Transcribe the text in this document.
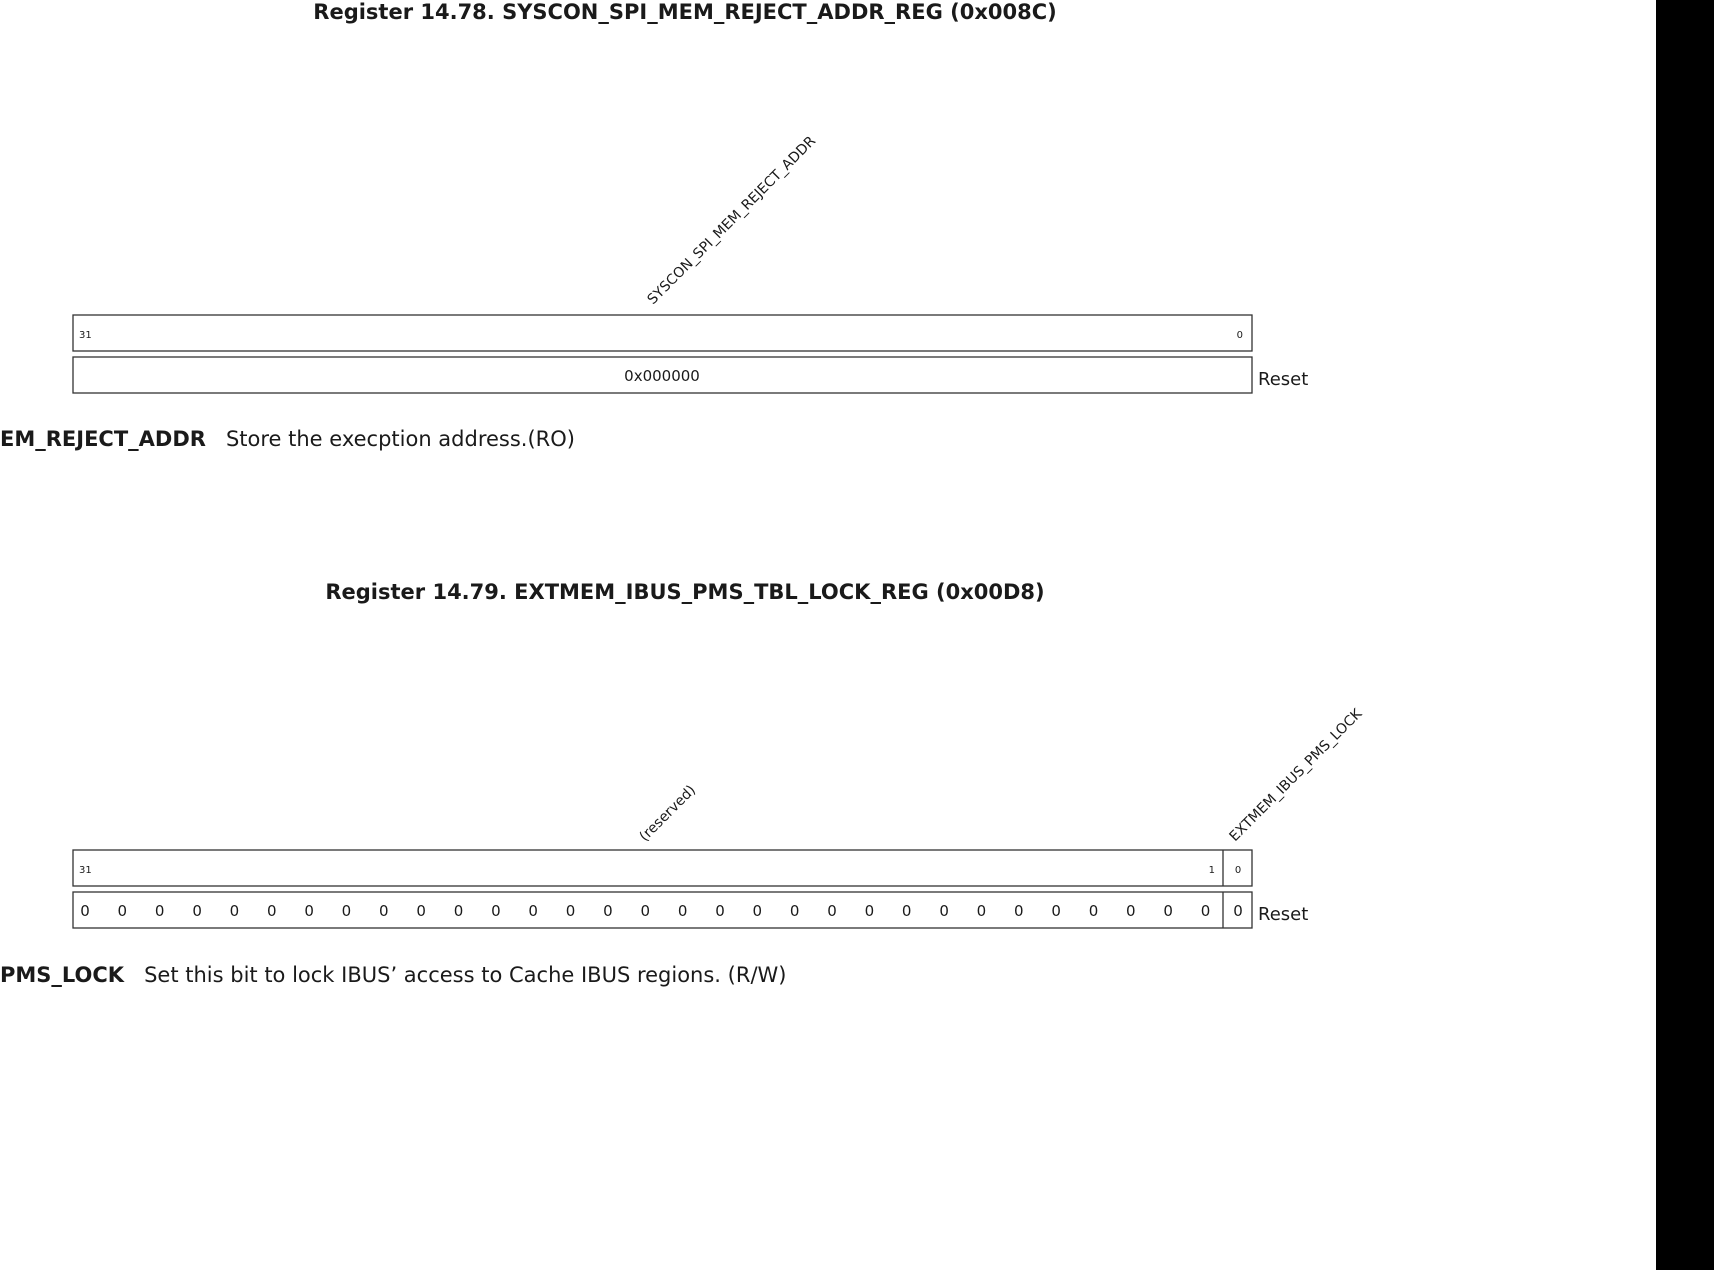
Register 14.78. SYSCON_SPI_MEM_REJECT_ADDR_REG (0x008C)
Register 14.79. EXTMEM_IBUS_PMS_TBL_LOCK_REG (0x00D8)
SYSCON_SPI_MEM_REJECT_ADDR
31	0
0x000000	Reset
(reserved)	EXTMEM_IBUS_PMS_LOCK
31	1 0
0 0 0 0 0 0 0 0 0 0 0 0 0 0 0 0 0 0 0 0 0 0 0 0 0 0 0 0 0 0 0 0 Reset
EM_REJECT_ADDR Store the execption address.(RO)
PMS_LOCK Set this bit to lock IBUS’ access to Cache IBUS regions. (R/W)
